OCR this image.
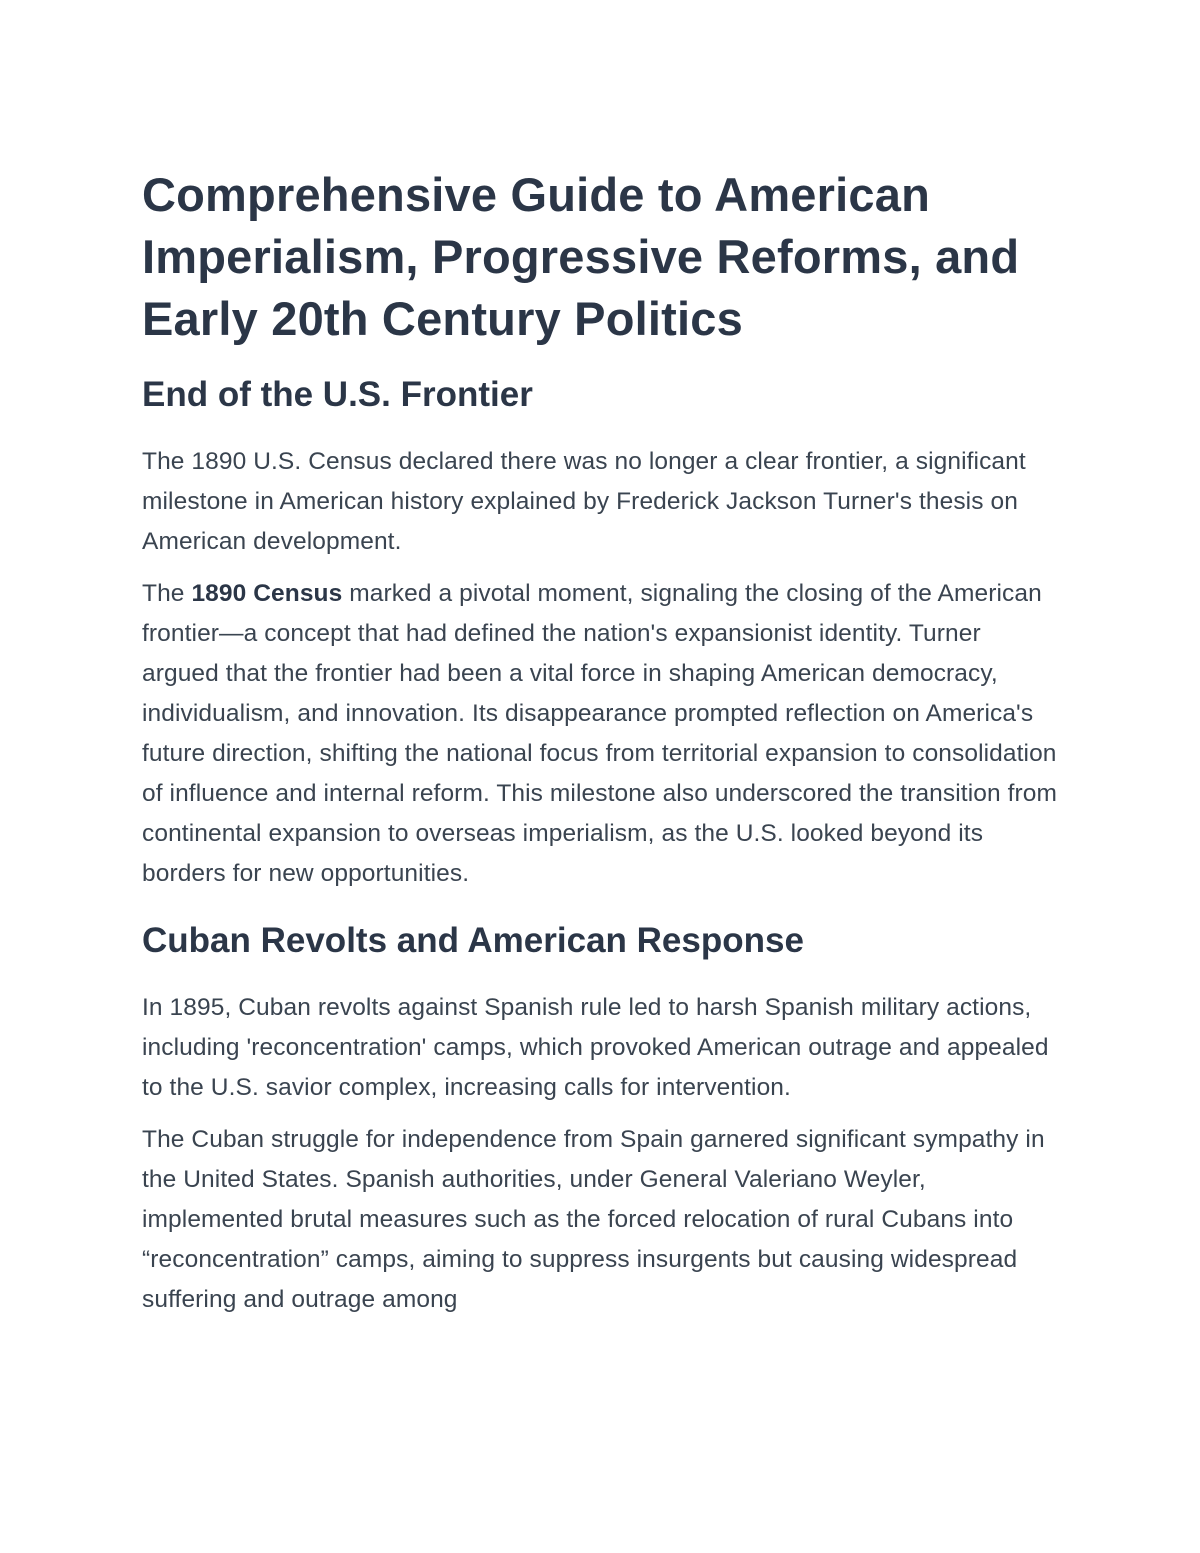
Comprehensive Guide to American Imperialism, Progressive Reforms, and Early 20th Century Politics
End of the U.S. Frontier

The 1890 U.S. Census declared there was no longer a clear frontier, a significant milestone in American history explained by Frederick Jackson Turner's thesis on American development.

The 1890 Census marked a pivotal moment, signaling the closing of the American frontier—a concept that had defined the nation's expansionist identity. Turner argued that the frontier had been a vital force in shaping American democracy, individualism, and innovation. Its disappearance prompted reflection on America's future direction, shifting the national focus from territorial expansion to consolidation of influence and internal reform. This milestone also underscored the transition from continental expansion to overseas imperialism, as the U.S. looked beyond its borders for new opportunities.

Cuban Revolts and American Response

In 1895, Cuban revolts against Spanish rule led to harsh Spanish military actions, including 'reconcentration' camps, which provoked American outrage and appealed to the U.S. savior complex, increasing calls for intervention.

The Cuban struggle for independence from Spain garnered significant sympathy in the United States. Spanish authorities, under General Valeriano Weyler, implemented brutal measures such as the forced relocation of rural Cubans into “reconcentration” camps, aiming to suppress insurgents but causing widespread suffering and outrage among
